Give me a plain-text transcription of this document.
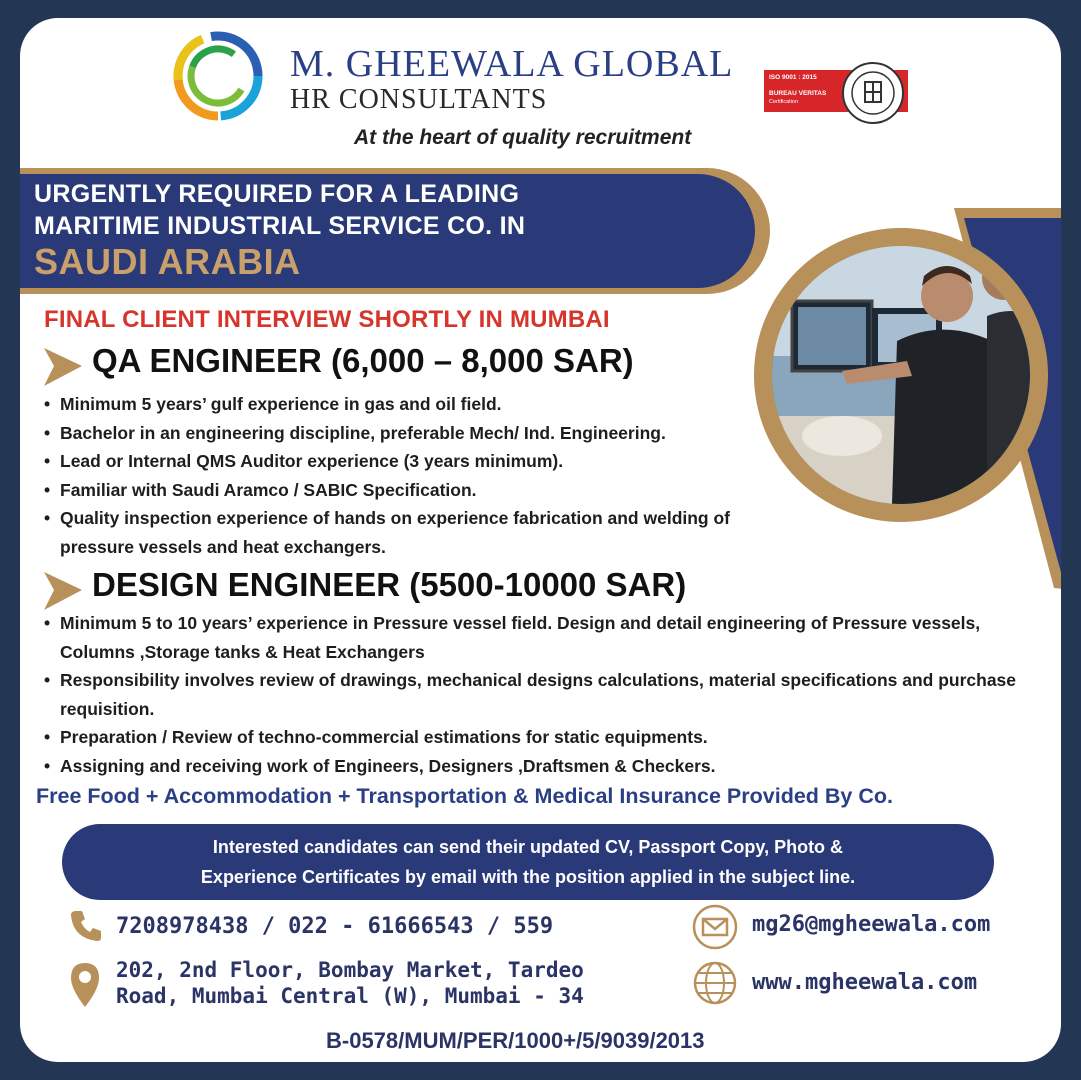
M. GHEEWALA GLOBAL
HR CONSULTANTS
At the heart of quality recruitment
ISO 9001 : 2015
BUREAU VERITAS
Certification
URGENTLY REQUIRED FOR A LEADING
MARITIME INDUSTRIAL SERVICE CO. IN
SAUDI ARABIA
FINAL CLIENT INTERVIEW SHORTLY IN MUMBAI
QA ENGINEER (6,000 – 8,000 SAR)
• Minimum 5 years’ gulf experience in gas and oil field.
• Bachelor in an engineering discipline, preferable Mech/ Ind. Engineering.
• Lead or Internal QMS Auditor experience (3 years minimum).
• Familiar with Saudi Aramco / SABIC Specification.
• Quality inspection experience of hands on experience fabrication and welding of pressure vessels and heat exchangers.
DESIGN ENGINEER (5500-10000 SAR)
• Minimum 5 to 10 years’ experience in Pressure vessel field. Design and detail engineering of Pressure vessels, Columns ,Storage tanks & Heat Exchangers
• Responsibility involves review of drawings, mechanical designs calculations, material specifications and purchase requisition.
• Preparation / Review of techno-commercial estimations for static equipments.
• Assigning and receiving work of Engineers, Designers ,Draftsmen & Checkers.
Free Food + Accommodation + Transportation & Medical Insurance Provided By Co.
Interested candidates can send their updated CV, Passport Copy, Photo &
Experience Certificates by email with the position applied in the subject line.
7208978438 / 022 - 61666543 / 559
202, 2nd Floor, Bombay Market, Tardeo
Road, Mumbai Central (W), Mumbai - 34
mg26@mgheewala.com
www.mgheewala.com
B-0578/MUM/PER/1000+/5/9039/2013
